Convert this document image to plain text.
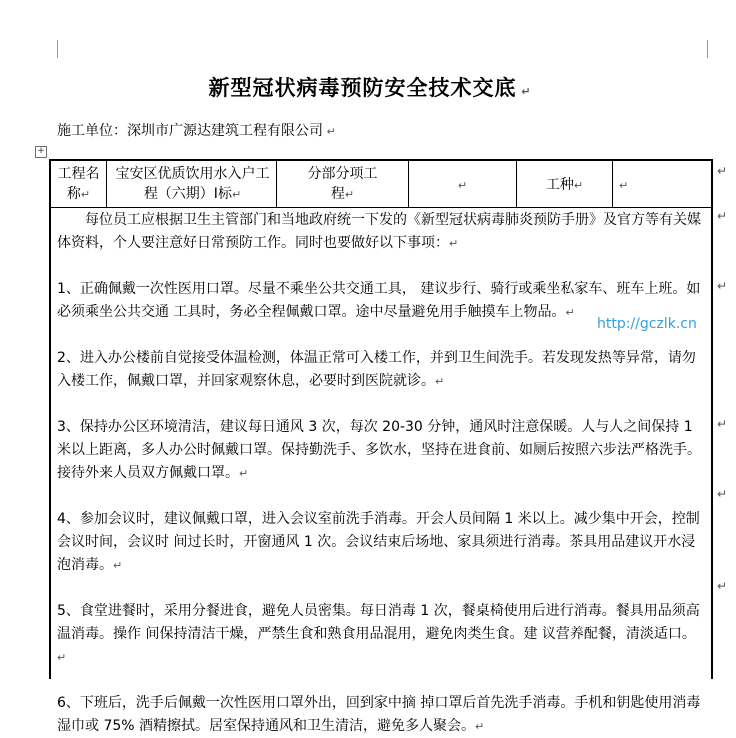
新型冠状病毒预防安全技术交底 ↵
施工单位：深圳市广源达建筑工程有限公司 ↵
+
工程名称↵
宝安区优质饮用水入户工程（六期）Ⅰ标↵
分部分项工程↵
↵	工种↵	↵

每位员工应根据卫生主管部门和当地政府统一下发的《新型冠状病毒肺炎预防手册》及官方等有关媒体资料，个人要注意好日常预防工作。同时也要做好以下事项：↵

1、正确佩戴一次性医用口罩。尽量不乘坐公共交通工具， 建议步行、骑行或乘坐私家车、班车上班。如必须乘坐公共交通 工具时，务必全程佩戴口罩。途中尽量避免用手触摸车上物品。↵

2、进入办公楼前自觉接受体温检测，体温正常可入楼工作，并到卫生间洗手。若发现发热等异常，请勿入楼工作，佩戴口罩，并回家观察休息，必要时到医院就诊。↵

3、保持办公区环境清洁，建议每日通风 3 次，每次 20-30 分钟，通风时注意保暖。人与人之间保持 1 米以上距离，多人办公时佩戴口罩。保持勤洗手、多饮水，坚持在进食前、如厕后按照六步法严格洗手。接待外来人员双方佩戴口罩。↵

4、参加会议时，建议佩戴口罩，进入会议室前洗手消毒。开会人员间隔 1 米以上。减少集中开会，控制会议时间，会议时 间过长时，开窗通风 1 次。会议结束后场地、家具须进行消毒。茶具用品建议开水浸泡消毒。↵

5、食堂进餐时，采用分餐进食，避免人员密集。每日消毒 1 次，餐桌椅使用后进行消毒。餐具用品须高温消毒。操作 间保持清洁干燥，严禁生食和熟食用品混用，避免肉类生食。建 议营养配餐，清淡适口。↵

6、下班后，洗手后佩戴一次性医用口罩外出，回到家中摘 掉口罩后首先洗手消毒。手机和钥匙使用消毒湿巾或 75% 酒精擦拭。居室保持通风和卫生清洁，避免多人聚会。↵

↵
↵
↵
↵
↵
↵
http://gczlk.cn
